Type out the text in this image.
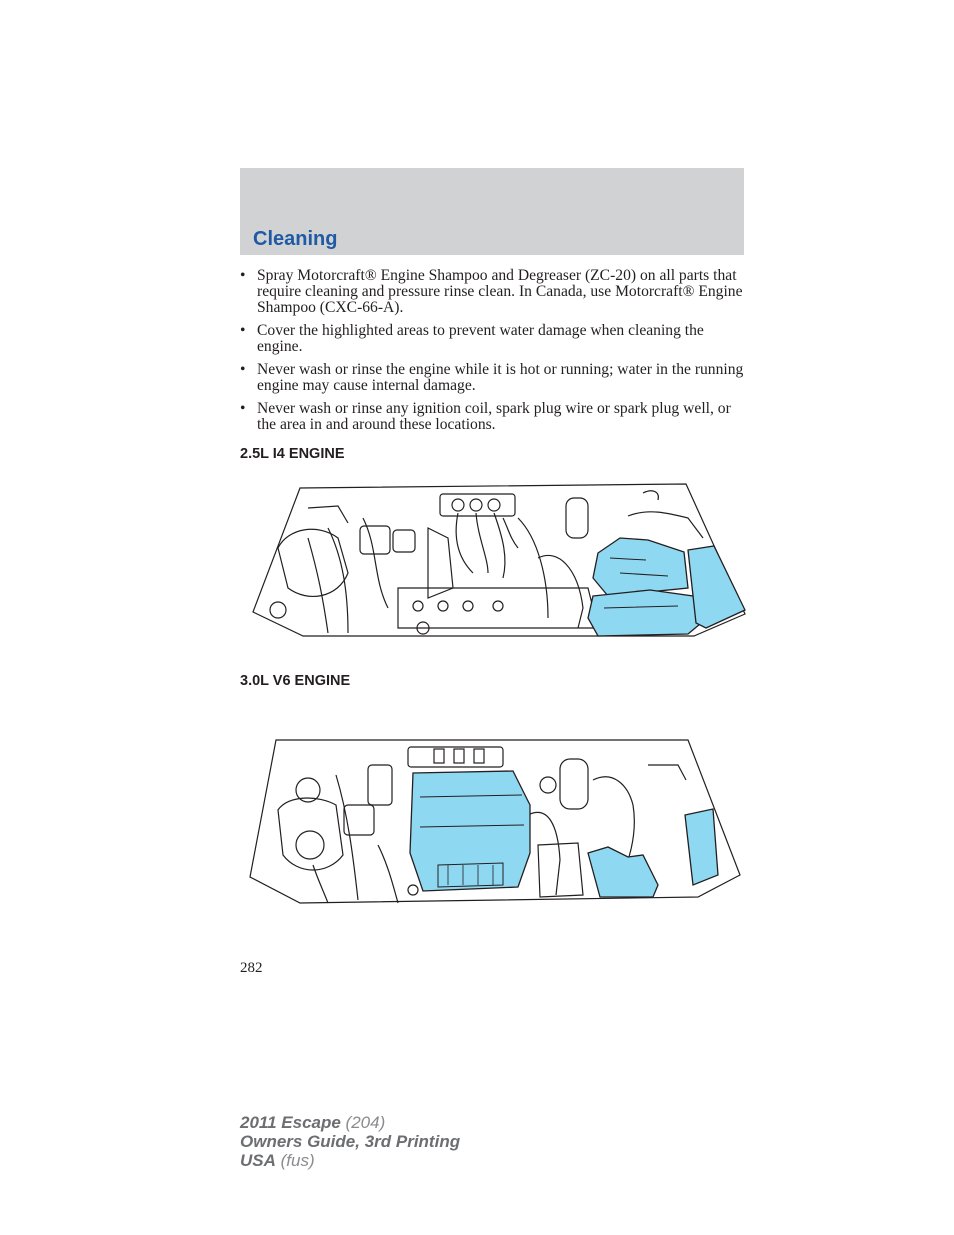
Cleaning
• Spray Motorcraft® Engine Shampoo and Degreaser (ZC-20) on all parts that require cleaning and pressure rinse clean. In Canada, use Motorcraft® Engine Shampoo (CXC-66-A).
• Cover the highlighted areas to prevent water damage when cleaning the engine.
• Never wash or rinse the engine while it is hot or running; water in the running engine may cause internal damage.
• Never wash or rinse any ignition coil, spark plug wire or spark plug well, or the area in and around these locations.
2.5L I4 ENGINE
3.0L V6 ENGINE
282
2011 Escape (204)
Owners Guide, 3rd Printing
USA (fus)
